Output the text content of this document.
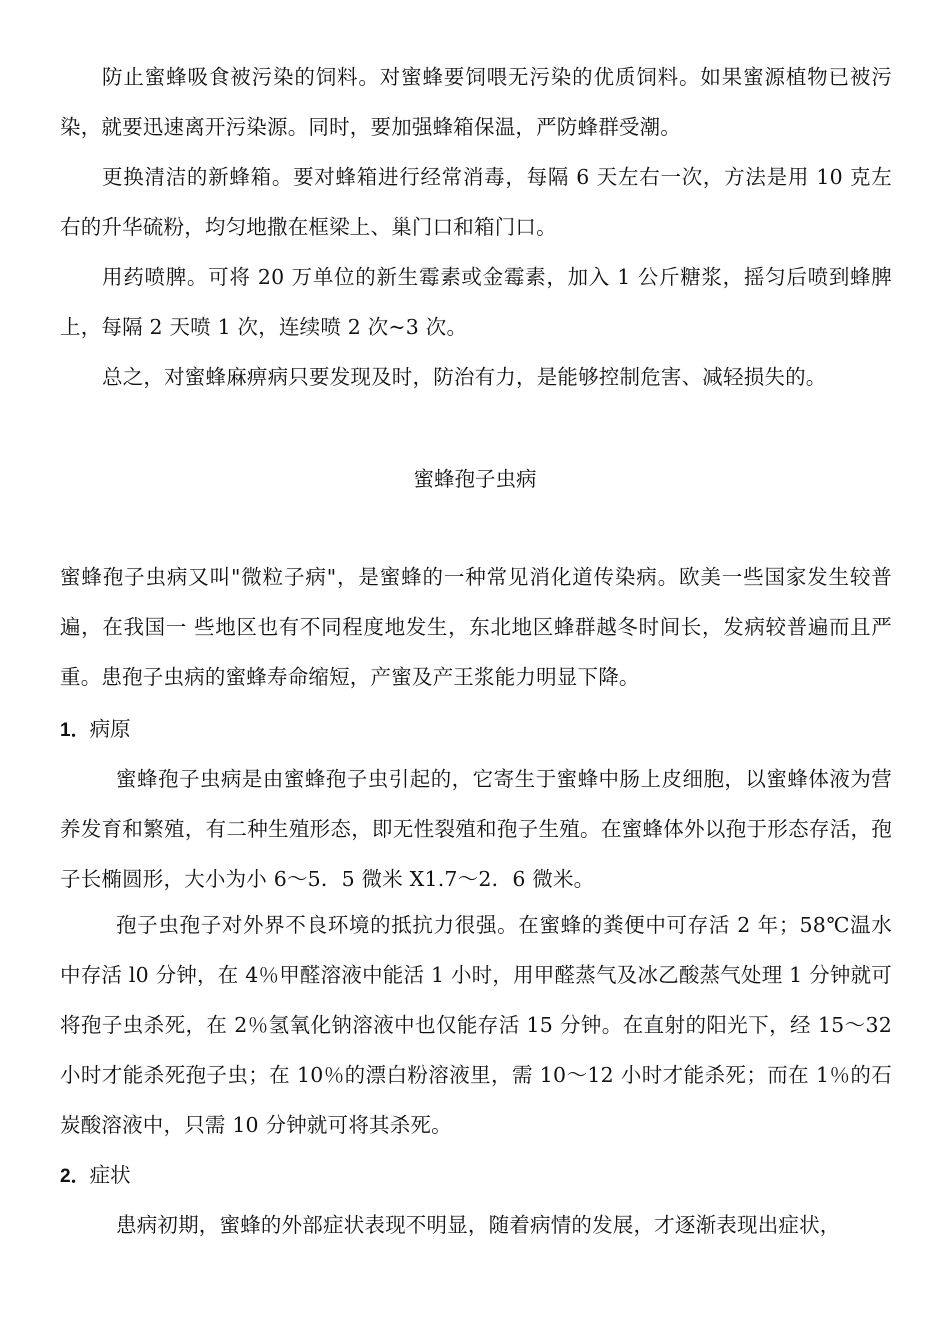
防止蜜蜂吸食被污染的饲料。对蜜蜂要饲喂无污染的优质饲料。如果蜜源植物已被污染，就要迅速离开污染源。同时，要加强蜂箱保温，严防蜂群受潮。

更换清洁的新蜂箱。要对蜂箱进行经常消毒，每隔 6 天左右一次，方法是用 10 克左右的升华硫粉，均匀地撒在框梁上、巢门口和箱门口。

用药喷脾。可将 20 万单位的新生霉素或金霉素，加入 1 公斤糖浆，摇匀后喷到蜂脾上，每隔 2 天喷 1 次，连续喷 2 次~3 次。

总之，对蜜蜂麻痹病只要发现及时，防治有力，是能够控制危害、减轻损失的。

蜜蜂孢子虫病

蜜蜂孢子虫病又叫"微粒子病"，是蜜蜂的一种常见消化道传染病。欧美一些国家发生较普遍，在我国一 些地区也有不同程度地发生，东北地区蜂群越冬时间长，发病较普遍而且严重。患孢子虫病的蜜蜂寿命缩短，产蜜及产王浆能力明显下降。

1．病原

蜜蜂孢子虫病是由蜜蜂孢子虫引起的，它寄生于蜜蜂中肠上皮细胞，以蜜蜂体液为营养发育和繁殖，有二种生殖形态，即无性裂殖和孢子生殖。在蜜蜂体外以孢于形态存活，孢子长椭圆形，大小为小 6～5．5 微米 X1.7～2．6 微米。

孢子虫孢子对外界不良环境的抵抗力很强。在蜜蜂的粪便中可存活 2 年；58℃温水中存活 l0 分钟，在 4％甲醛溶液中能活 1 小时，用甲醛蒸气及冰乙酸蒸气处理 1 分钟就可将孢子虫杀死，在 2％氢氧化钠溶液中也仅能存活 15 分钟。在直射的阳光下，经 15～32 小时才能杀死孢子虫；在 10％的漂白粉溶液里，需 10～12 小时才能杀死；而在 1％的石炭酸溶液中，只需 10 分钟就可将其杀死。

2．症状

患病初期，蜜蜂的外部症状表现不明显，随着病情的发展，才逐渐表现出症状，
